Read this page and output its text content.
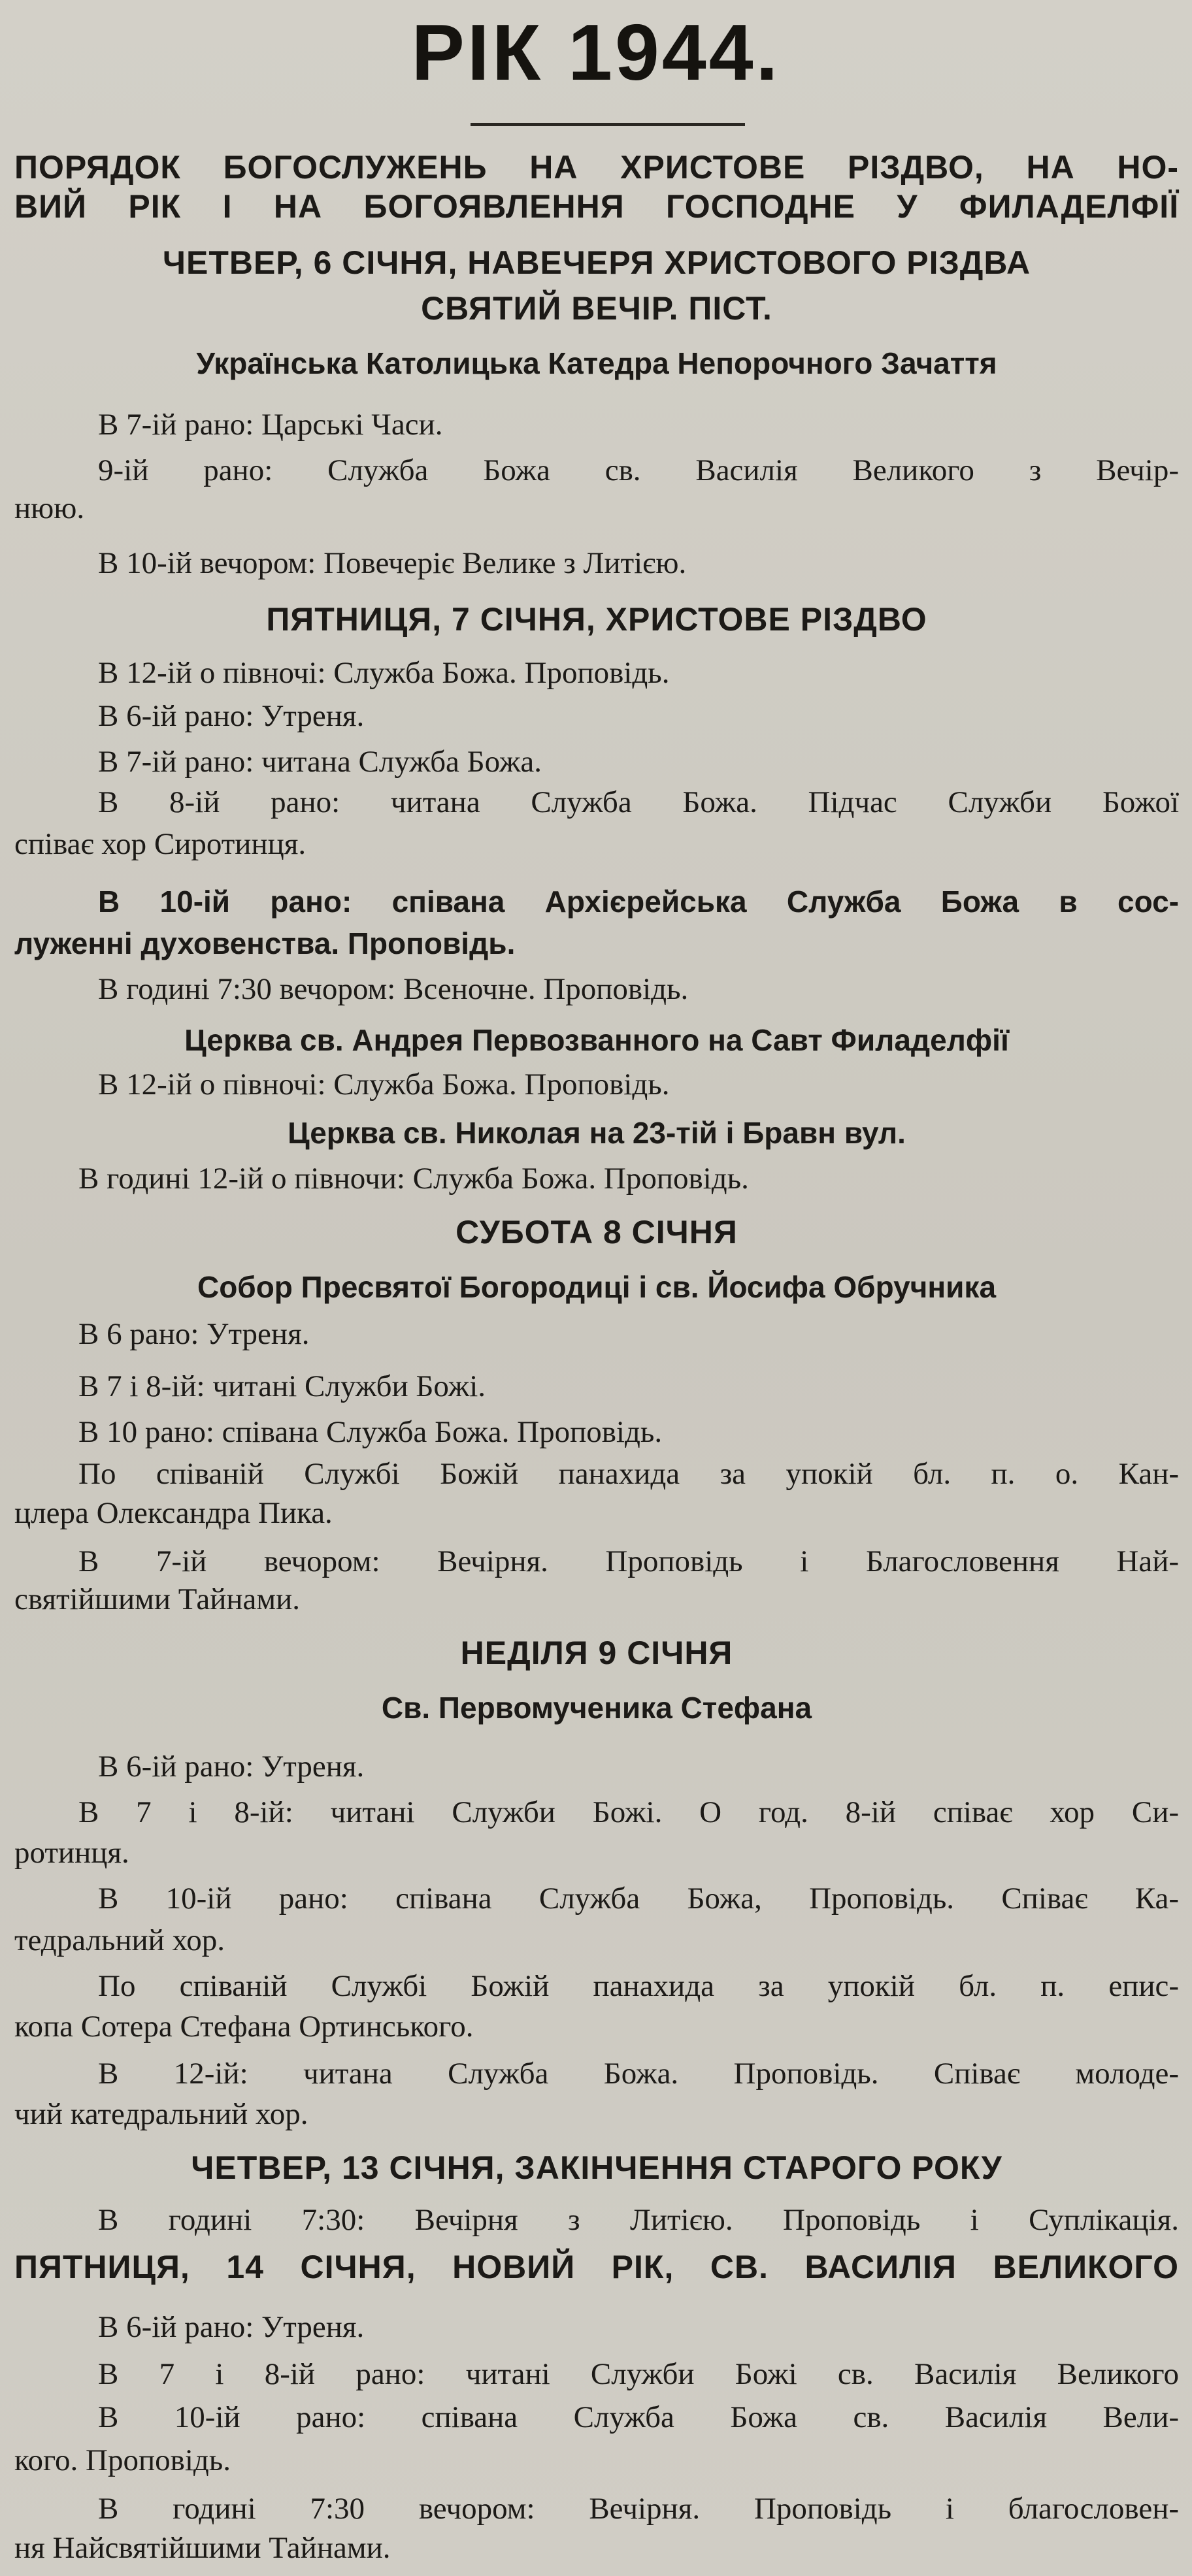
РІК 1944.
ПОРЯДОК БОГОСЛУЖЕНЬ НА ХРИСТОВЕ РІЗДВО, НА НО-
ВИЙ РІК І НА БОГОЯВЛЕННЯ ГОСПОДНЕ У ФИЛАДЕЛФІЇ
ЧЕТВЕР, 6 СІЧНЯ, НАВЕЧЕРЯ ХРИСТОВОГО РІЗДВА
СВЯТИЙ ВЕЧІР. ПІСТ.
Українська Католицька Катедра Непорочного Зачаття
В 7-ій рано: Царські Часи.
9-ій рано: Служба Божа св. Василія Великого з Вечір-
нюю.
В 10-ій вечором: Повечеріє Велике з Литією.
ПЯТНИЦЯ, 7 СІЧНЯ, ХРИСТОВЕ РІЗДВО
В 12-ій о півночі: Служба Божа. Проповідь.
В 6-ій рано: Утреня.
В 7-ій рано: читана Служба Божа.
В 8-ій рано: читана Служба Божа. Підчас Служби Божої
співає хор Сиротинця.
В 10-ій рано: співана Архієрейська Служба Божа в сос-
луженні духовенства. Проповідь.
В годині 7:30 вечором: Всеночне. Проповідь.
Церква св. Андрея Первозванного на Савт Филаделфії
В 12-ій о півночі: Служба Божа. Проповідь.
Церква св. Николая на 23-тій і Бравн вул.
В годині 12-ій о півночи: Служба Божа. Проповідь.
СУБОТА 8 СІЧНЯ
Собор Пресвятої Богородиці і св. Йосифа Обручника
В 6 рано: Утреня.
В 7 і 8-ій: читані Служби Божі.
В 10 рано: співана Служба Божа. Проповідь.
По співаній Службі Божій панахида за упокій бл. п. о. Кан-
цлера Олександра Пика.
В 7-ій вечором: Вечірня. Проповідь і Благословення Най-
святійшими Тайнами.
НЕДІЛЯ 9 СІЧНЯ
Св. Первомученика Стефана
В 6-ій рано: Утреня.
В 7 і 8-ій: читані Служби Божі. О год. 8-ій співає хор Си-
ротинця.
В 10-ій рано: співана Служба Божа, Проповідь. Співає Ка-
тедральний хор.
По співаній Службі Божій панахида за упокій бл. п. епис-
копа Сотера Стефана Ортинського.
В 12-ій: читана Служба Божа. Проповідь. Співає молоде-
чий катедральний хор.
ЧЕТВЕР, 13 СІЧНЯ, ЗАКІНЧЕННЯ СТАРОГО РОКУ
В годині 7:30: Вечірня з Литією. Проповідь і Суплікація.
ПЯТНИЦЯ, 14 СІЧНЯ, НОВИЙ РІК, СВ. ВАСИЛІЯ ВЕЛИКОГО
В 6-ій рано: Утреня.
В 7 і 8-ій рано: читані Служби Божі св. Василія Великого
В 10-ій рано: співана Служба Божа св. Василія Вели-
кого. Проповідь.
В годині 7:30 вечором: Вечірня. Проповідь і благословен-
ня Найсвятійшими Тайнами.
